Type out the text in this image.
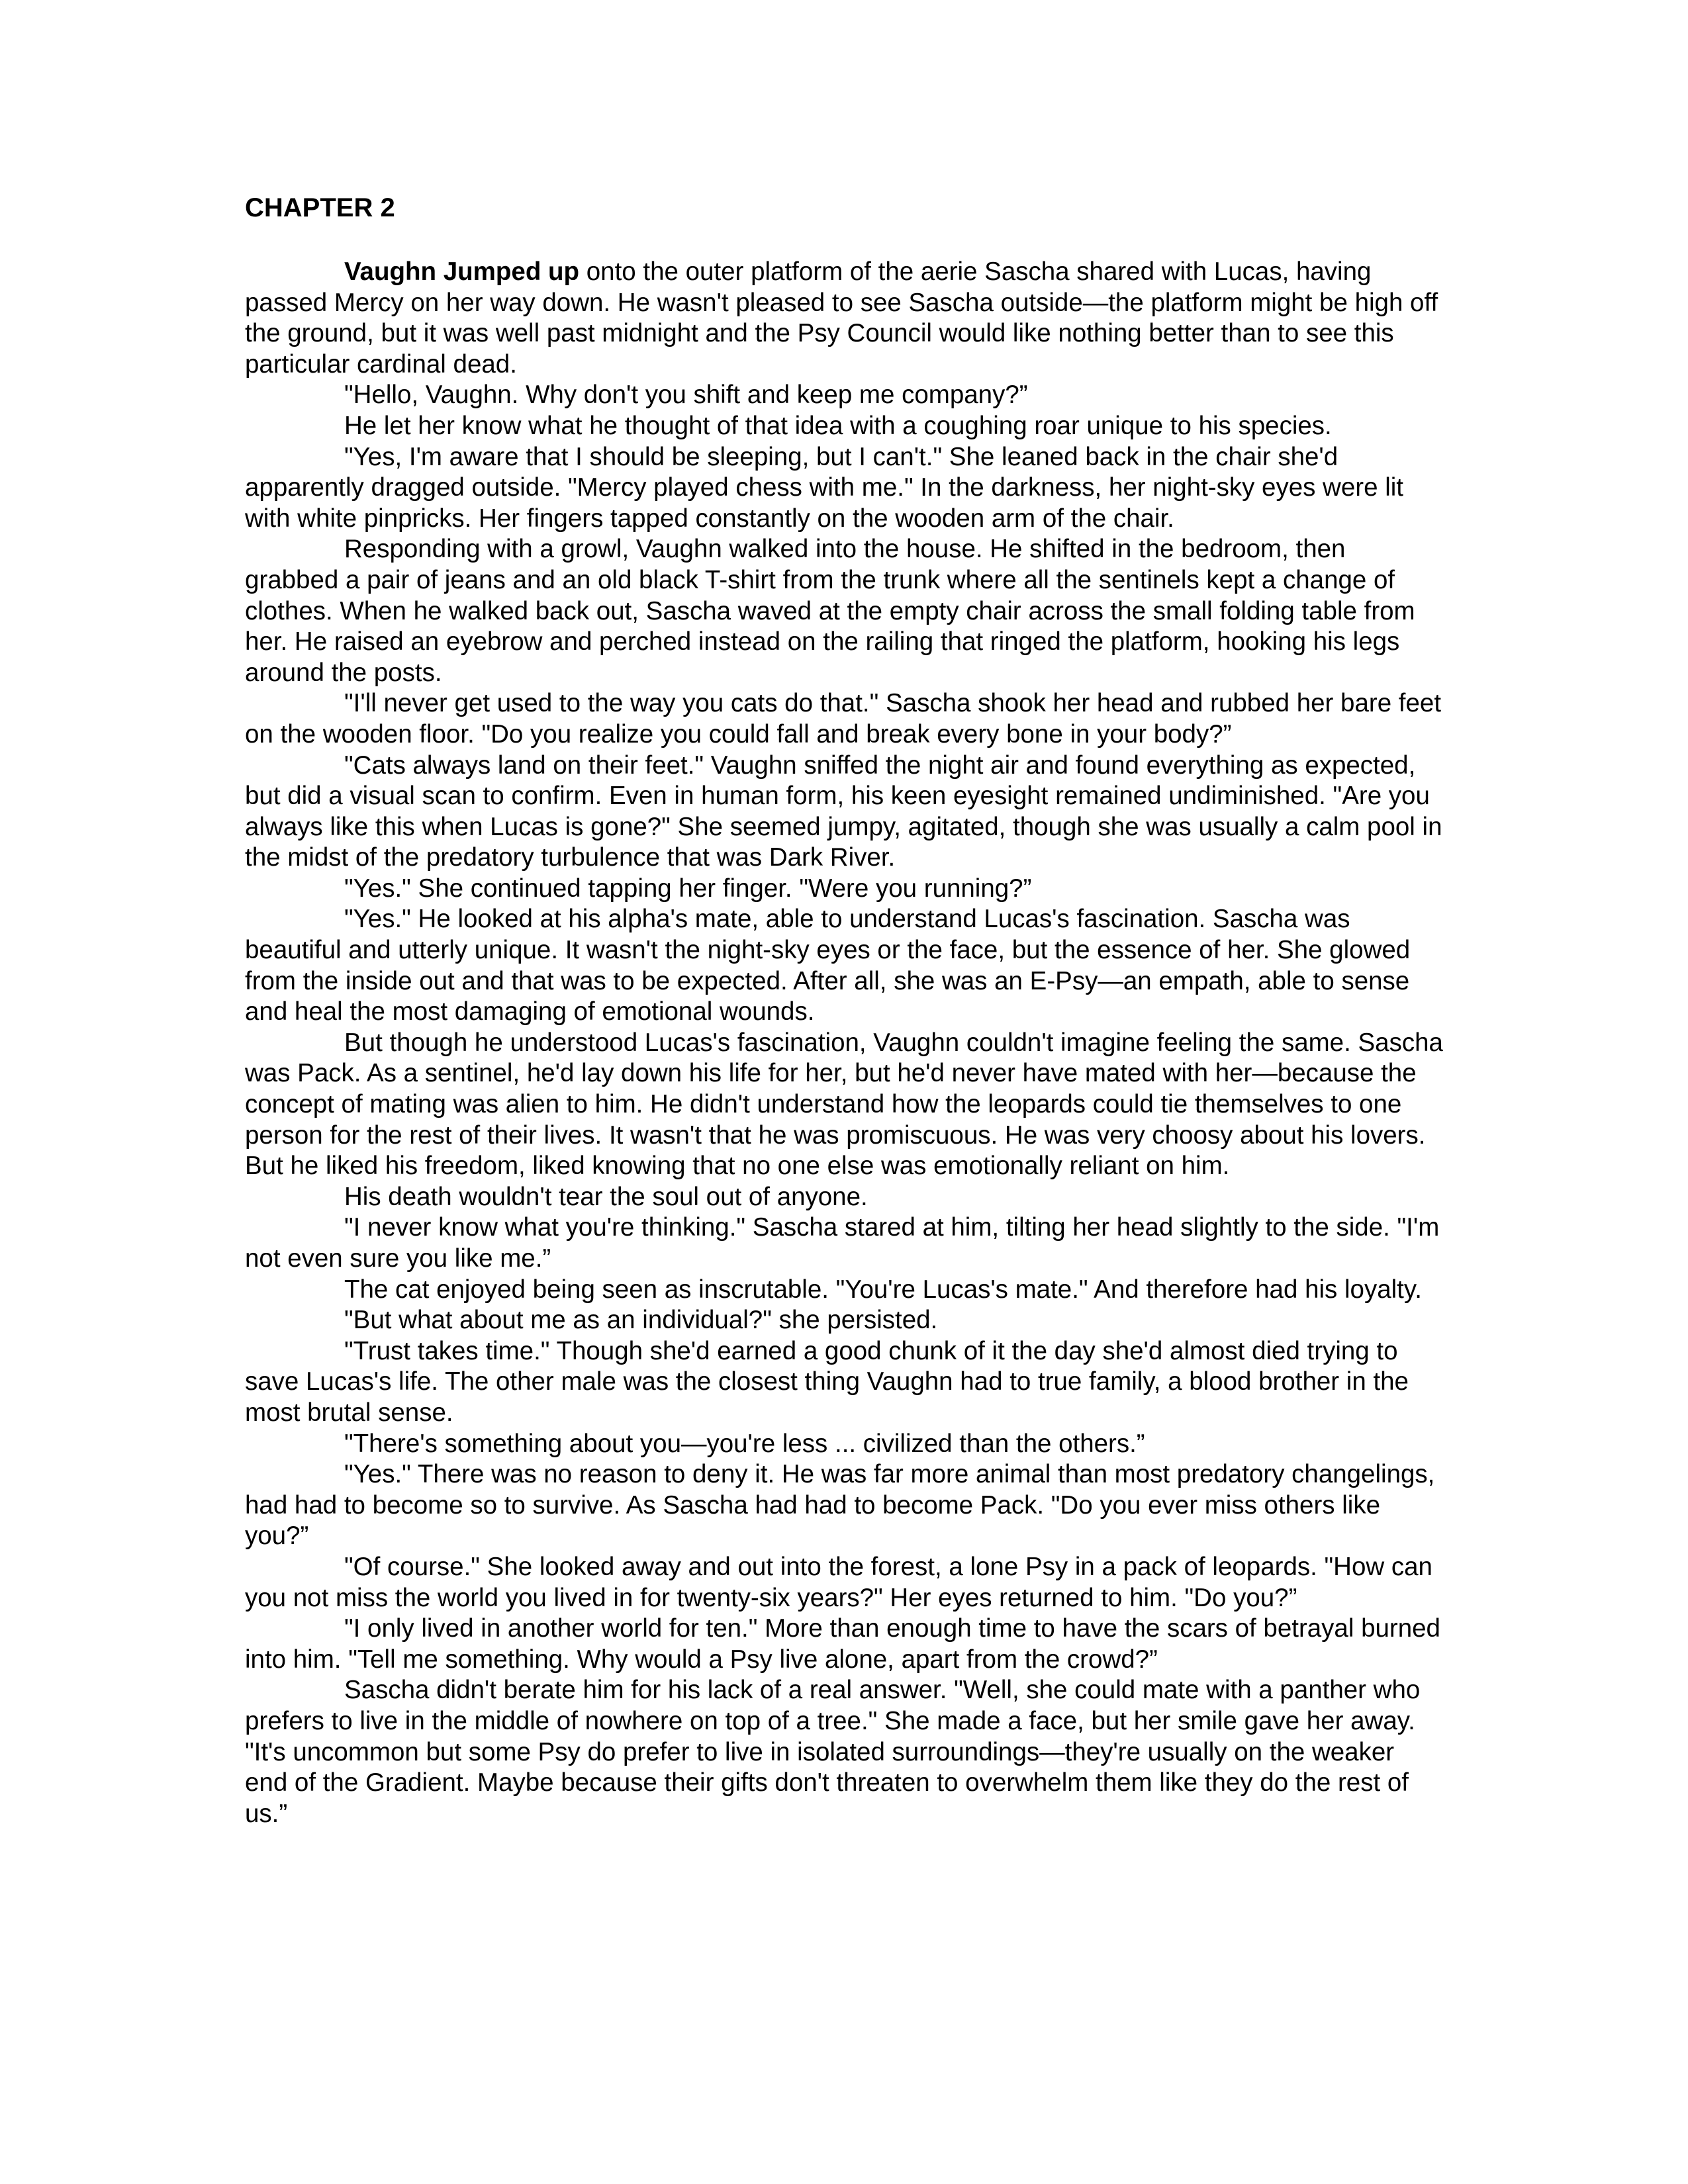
CHAPTER 2

Vaughn Jumped up onto the outer platform of the aerie Sascha shared with Lucas, having passed Mercy on her way down. He wasn't pleased to see Sascha outside—the platform might be high off the ground, but it was well past midnight and the Psy Council would like nothing better than to see this particular cardinal dead.

"Hello, Vaughn. Why don't you shift and keep me company?”

He let her know what he thought of that idea with a coughing roar unique to his species.

"Yes, I'm aware that I should be sleeping, but I can't." She leaned back in the chair she'd apparently dragged outside. "Mercy played chess with me." In the darkness, her night-sky eyes were lit with white pinpricks. Her fingers tapped constantly on the wooden arm of the chair.

Responding with a growl, Vaughn walked into the house. He shifted in the bedroom, then grabbed a pair of jeans and an old black T-shirt from the trunk where all the sentinels kept a change of clothes. When he walked back out, Sascha waved at the empty chair across the small folding table from her. He raised an eyebrow and perched instead on the railing that ringed the platform, hooking his legs around the posts.

"I'll never get used to the way you cats do that." Sascha shook her head and rubbed her bare feet on the wooden floor. "Do you realize you could fall and break every bone in your body?”

"Cats always land on their feet." Vaughn sniffed the night air and found everything as expected, but did a visual scan to confirm. Even in human form, his keen eyesight remained undiminished. "Are you always like this when Lucas is gone?" She seemed jumpy, agitated, though she was usually a calm pool in the midst of the predatory turbulence that was Dark River.

"Yes." She continued tapping her finger. "Were you running?”

"Yes." He looked at his alpha's mate, able to understand Lucas's fascination. Sascha was beautiful and utterly unique. It wasn't the night-sky eyes or the face, but the essence of her. She glowed from the inside out and that was to be expected. After all, she was an E-Psy—an empath, able to sense and heal the most damaging of emotional wounds.

But though he understood Lucas's fascination, Vaughn couldn't imagine feeling the same. Sascha was Pack. As a sentinel, he'd lay down his life for her, but he'd never have mated with her—because the concept of mating was alien to him. He didn't understand how the leopards could tie themselves to one person for the rest of their lives. It wasn't that he was promiscuous. He was very choosy about his lovers. But he liked his freedom, liked knowing that no one else was emotionally reliant on him.

His death wouldn't tear the soul out of anyone.

"I never know what you're thinking." Sascha stared at him, tilting her head slightly to the side. "I'm not even sure you like me.”

The cat enjoyed being seen as inscrutable. "You're Lucas's mate." And therefore had his loyalty.

"But what about me as an individual?" she persisted.

"Trust takes time." Though she'd earned a good chunk of it the day she'd almost died trying to save Lucas's life. The other male was the closest thing Vaughn had to true family, a blood brother in the most brutal sense.

"There's something about you—you're less ... civilized than the others.”

"Yes." There was no reason to deny it. He was far more animal than most predatory changelings, had had to become so to survive. As Sascha had had to become Pack. "Do you ever miss others like you?”

"Of course." She looked away and out into the forest, a lone Psy in a pack of leopards. "How can you not miss the world you lived in for twenty-six years?" Her eyes returned to him. "Do you?”

"I only lived in another world for ten." More than enough time to have the scars of betrayal burned into him. "Tell me something. Why would a Psy live alone, apart from the crowd?”

Sascha didn't berate him for his lack of a real answer. "Well, she could mate with a panther who prefers to live in the middle of nowhere on top of a tree." She made a face, but her smile gave her away. "It's uncommon but some Psy do prefer to live in isolated surroundings—they're usually on the weaker end of the Gradient. Maybe because their gifts don't threaten to overwhelm them like they do the rest of us.”
